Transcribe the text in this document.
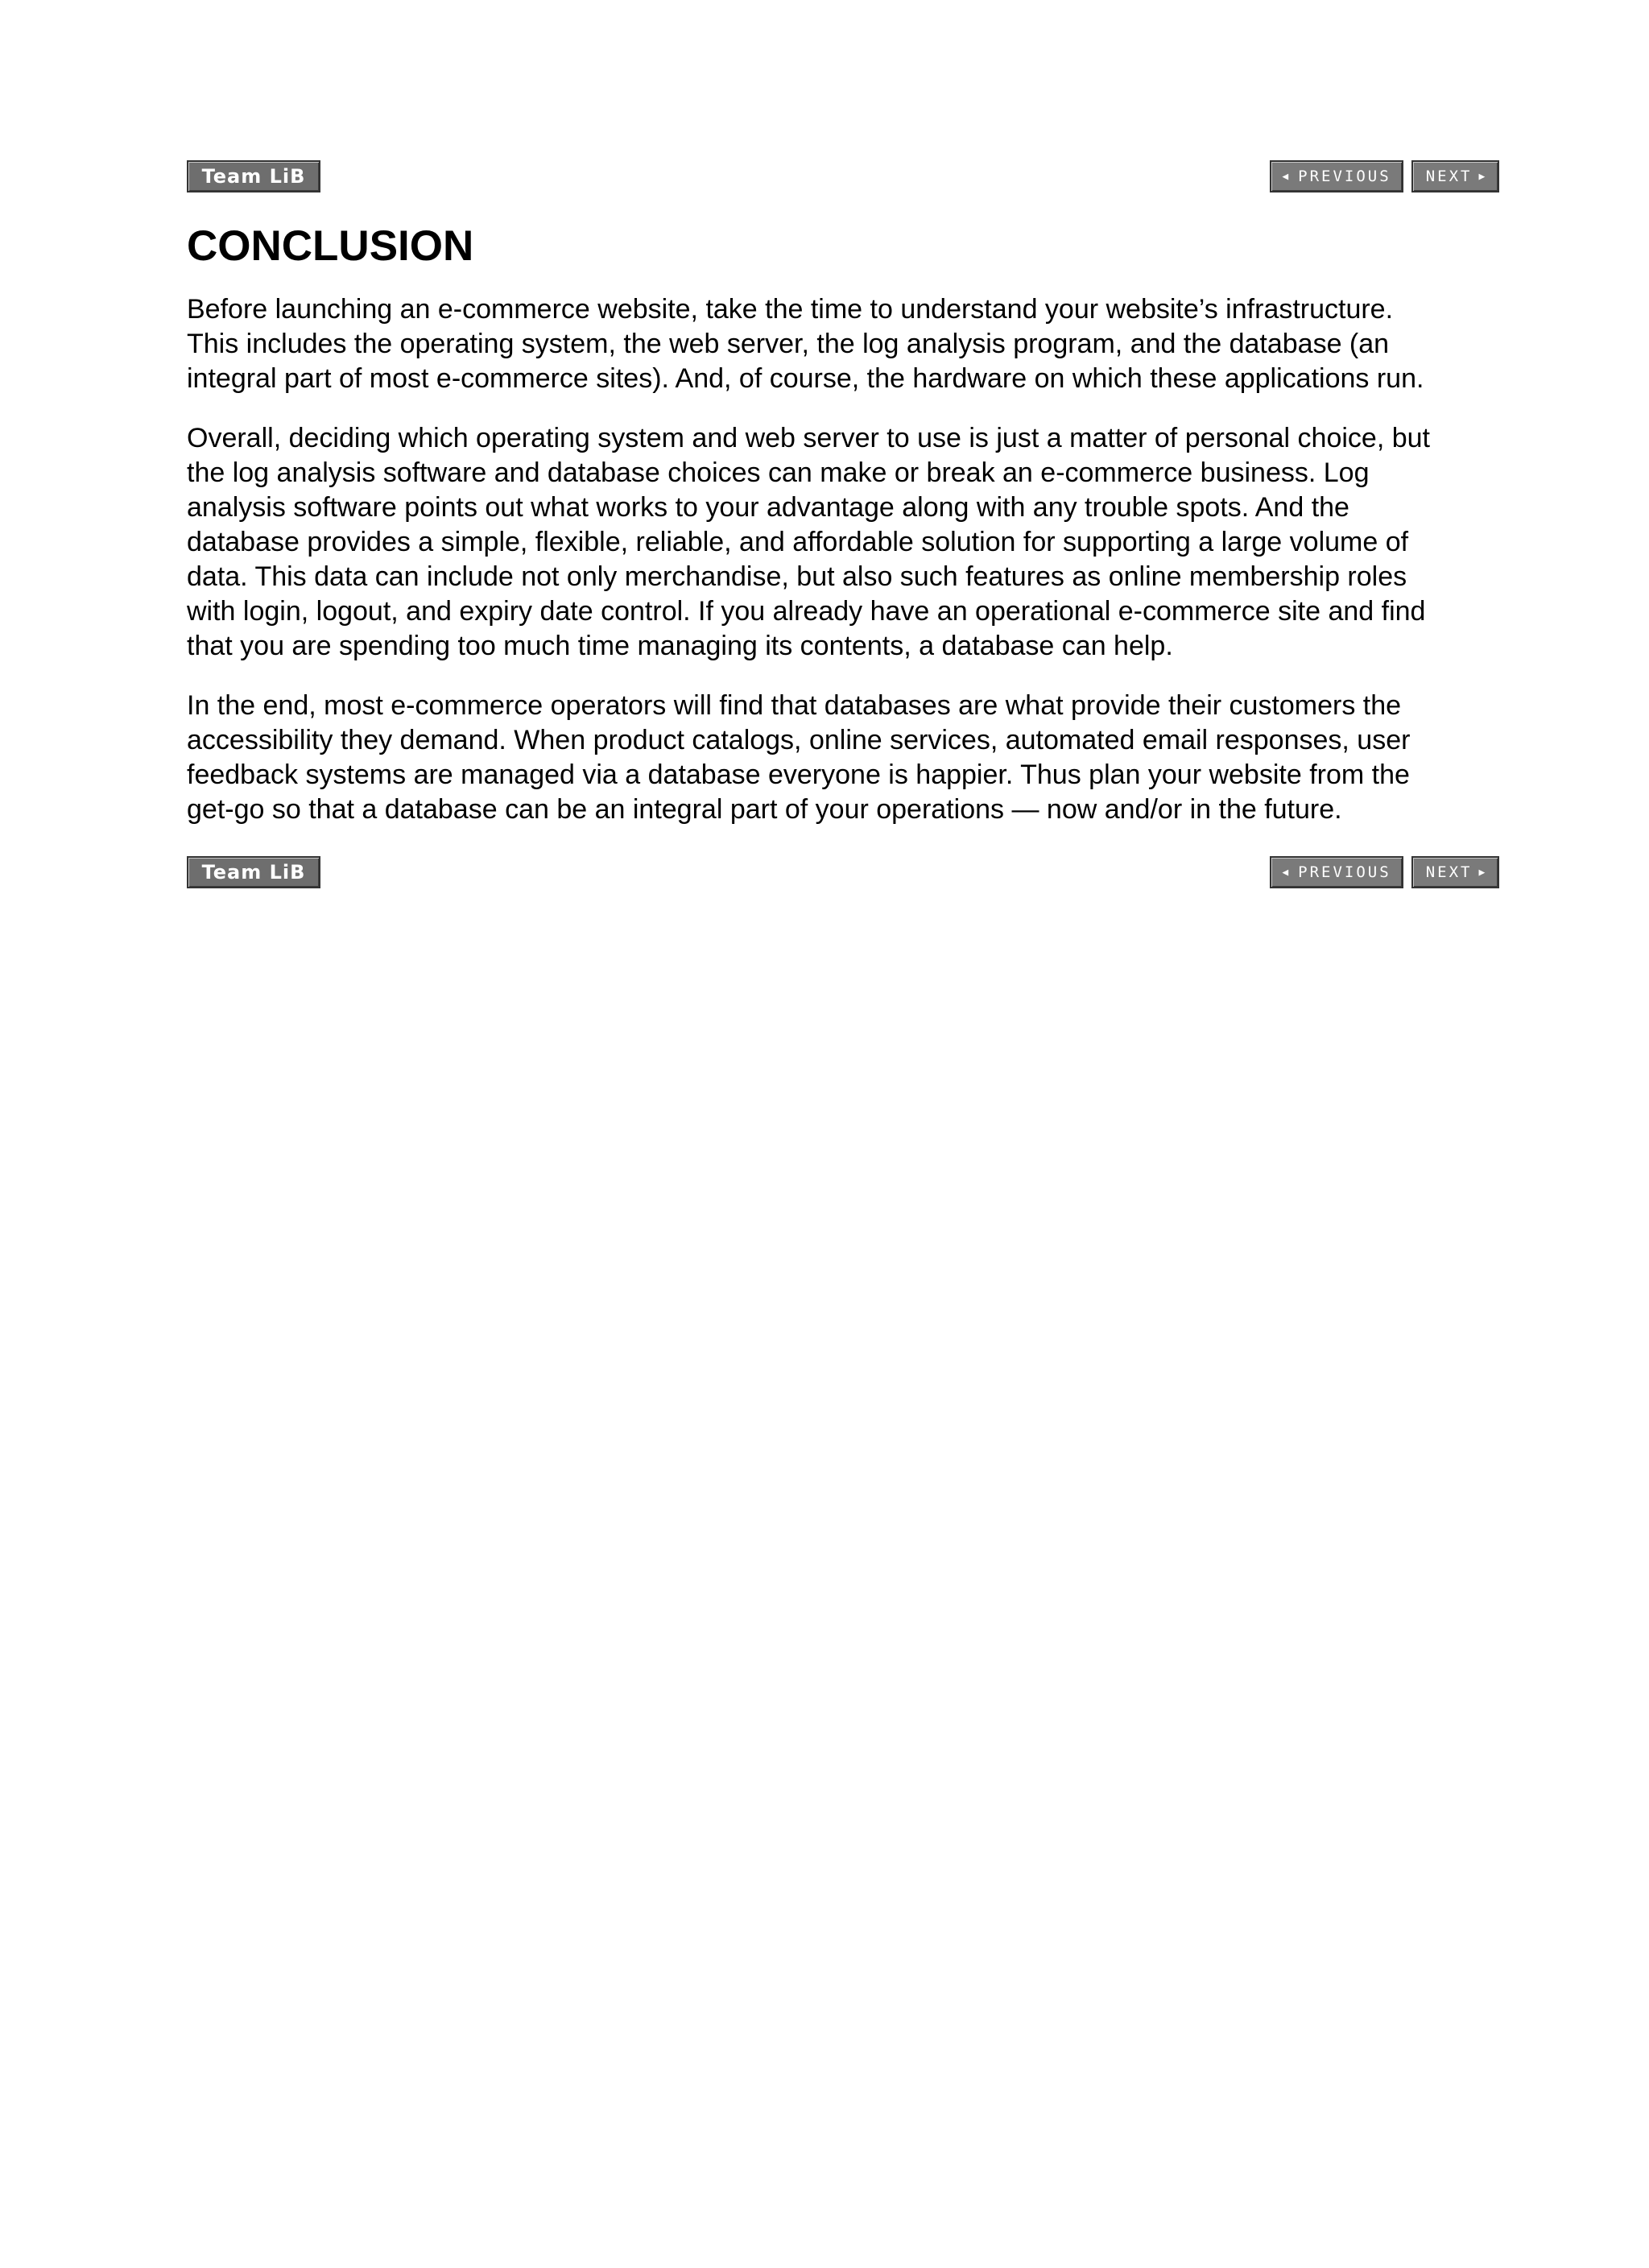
Team LiB	◀ PREVIOUS NEXT ▶
CONCLUSION

Before launching an e-commerce website, take the time to understand your website’s infrastructure.
This includes the operating system, the web server, the log analysis program, and the database (an
integral part of most e-commerce sites). And, of course, the hardware on which these applications run.

Overall, deciding which operating system and web server to use is just a matter of personal choice, but
the log analysis software and database choices can make or break an e-commerce business. Log
analysis software points out what works to your advantage along with any trouble spots. And the
database provides a simple, flexible, reliable, and affordable solution for supporting a large volume of
data. This data can include not only merchandise, but also such features as online membership roles
with login, logout, and expiry date control. If you already have an operational e-commerce site and find
that you are spending too much time managing its contents, a database can help.

In the end, most e-commerce operators will find that databases are what provide their customers the
accessibility they demand. When product catalogs, online services, automated email responses, user
feedback systems are managed via a database everyone is happier. Thus plan your website from the
get-go so that a database can be an integral part of your operations — now and/or in the future.

Team LiB	◀ PREVIOUS NEXT ▶
